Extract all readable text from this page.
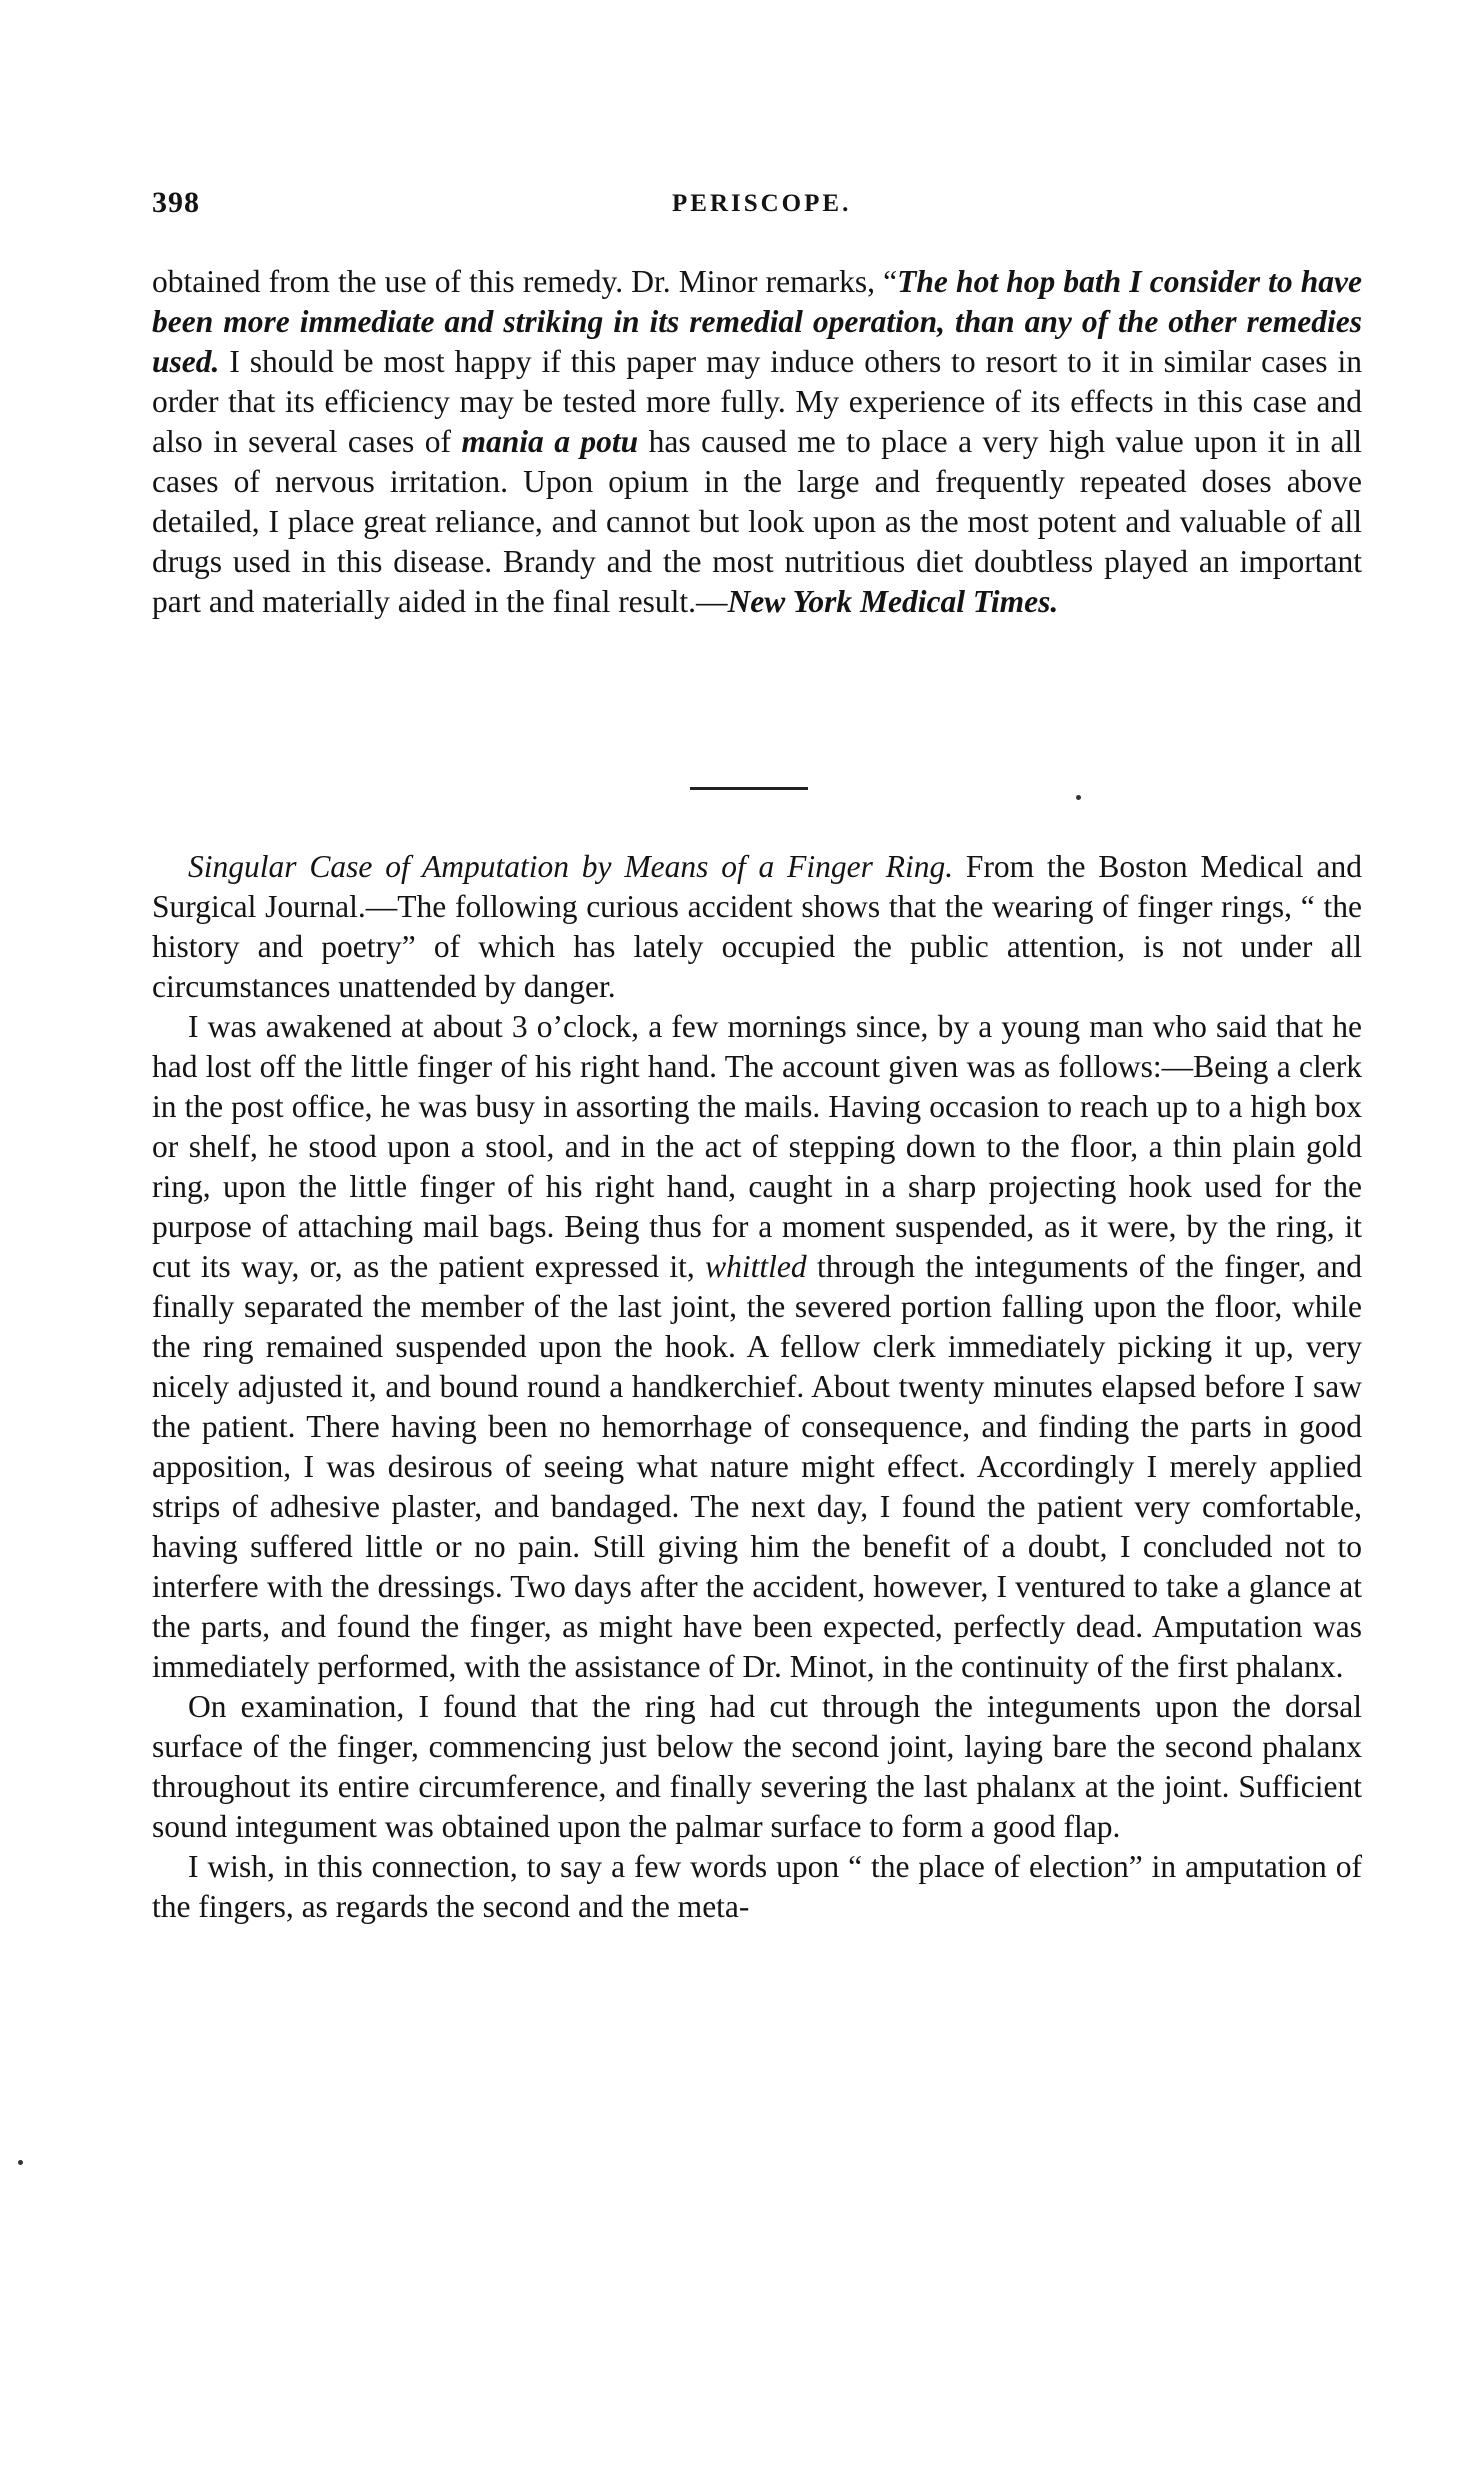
398	PERISCOPE.

obtained from the use of this remedy. Dr. Minor remarks, “The hot hop bath I consider to have been more immediate and striking in its remedial operation, than any of the other remedies used. I should be most happy if this paper may induce others to resort to it in similar cases in order that its efficiency may be tested more fully. My experience of its effects in this case and also in several cases of mania a potu has caused me to place a very high value upon it in all cases of nervous irritation. Upon opium in the large and frequently repeated doses above detailed, I place great reliance, and cannot but look upon as the most potent and valuable of all drugs used in this disease. Brandy and the most nutritious diet doubtless played an important part and materially aided in the final result.—New York Medical Times.

Singular Case of Amputation by Means of a Finger Ring. From the Boston Medical and Surgical Journal.—The following curious accident shows that the wearing of finger rings, “ the history and poetry” of which has lately occupied the public attention, is not under all circumstances unattended by danger.

I was awakened at about 3 o’clock, a few mornings since, by a young man who said that he had lost off the little finger of his right hand. The account given was as follows:—Being a clerk in the post office, he was busy in assorting the mails. Having occasion to reach up to a high box or shelf, he stood upon a stool, and in the act of stepping down to the floor, a thin plain gold ring, upon the little finger of his right hand, caught in a sharp projecting hook used for the purpose of attaching mail bags. Being thus for a moment suspended, as it were, by the ring, it cut its way, or, as the patient expressed it, whittled through the integuments of the finger, and finally separated the member of the last joint, the severed portion falling upon the floor, while the ring remained suspended upon the hook. A fellow clerk immediately picking it up, very nicely adjusted it, and bound round a handkerchief. About twenty minutes elapsed before I saw the patient. There having been no hemorrhage of consequence, and finding the parts in good apposition, I was desirous of seeing what nature might effect. Accordingly I merely applied strips of adhesive plaster, and bandaged. The next day, I found the patient very comfortable, having suffered little or no pain. Still giving him the benefit of a doubt, I concluded not to interfere with the dressings. Two days after the accident, however, I ventured to take a glance at the parts, and found the finger, as might have been expected, perfectly dead. Amputation was immediately performed, with the assistance of Dr. Minot, in the continuity of the first phalanx.

On examination, I found that the ring had cut through the integuments upon the dorsal surface of the finger, commencing just below the second joint, laying bare the second phalanx throughout its entire circumference, and finally severing the last phalanx at the joint. Sufficient sound integument was obtained upon the palmar surface to form a good flap.

I wish, in this connection, to say a few words upon “ the place of election” in amputation of the fingers, as regards the second and the meta-
